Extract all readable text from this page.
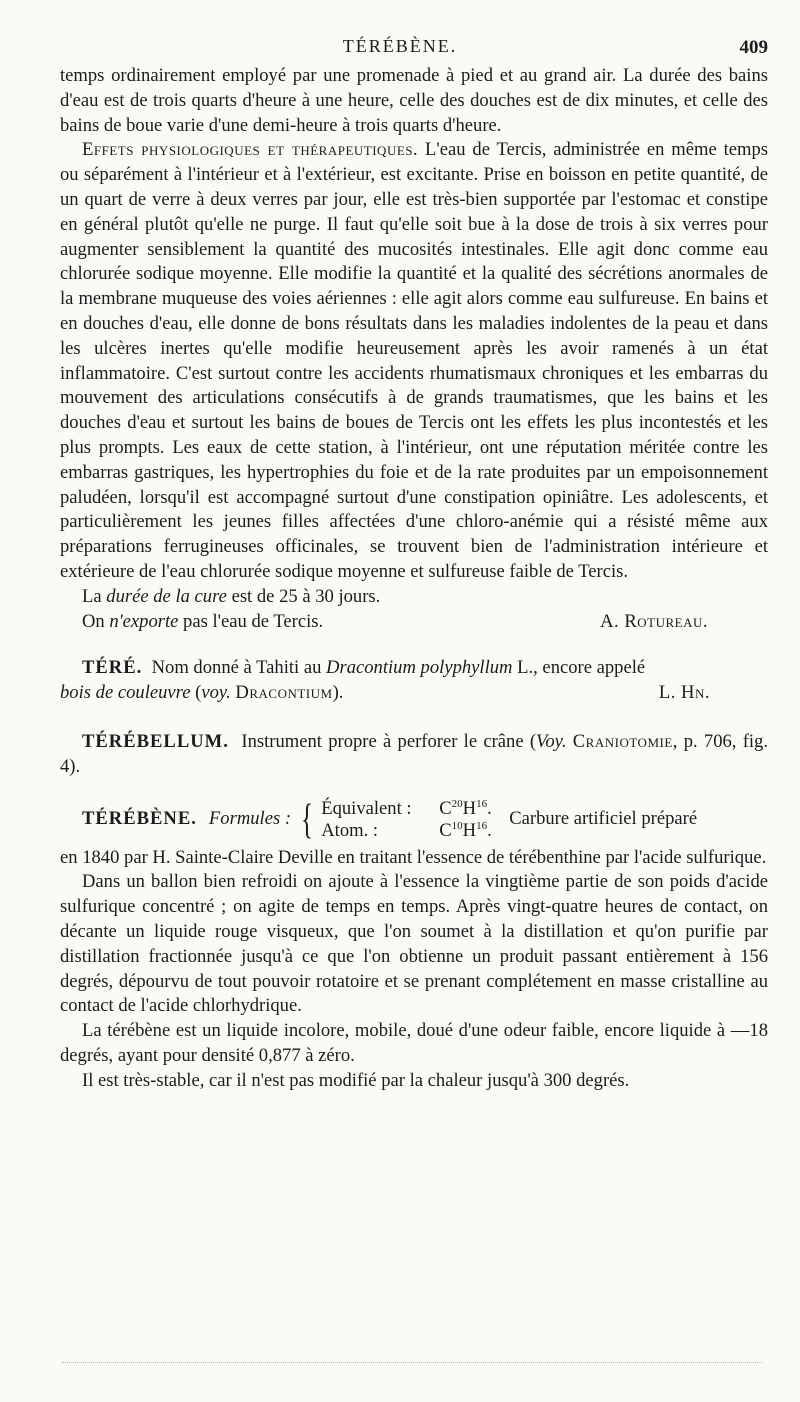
TÉRÉBÈNE.	409

temps ordinairement employé par une promenade à pied et au grand air. La durée des bains d'eau est de trois quarts d'heure à une heure, celle des douches est de dix minutes, et celle des bains de boue varie d'une demi-heure à trois quarts d'heure.

Effets physiologiques et thérapeutiques. L'eau de Tercis, administrée en même temps ou séparément à l'intérieur et à l'extérieur, est excitante. Prise en boisson en petite quantité, de un quart de verre à deux verres par jour, elle est très-bien supportée par l'estomac et constipe en général plutôt qu'elle ne purge. Il faut qu'elle soit bue à la dose de trois à six verres pour augmenter sensiblement la quantité des mucosités intestinales. Elle agit donc comme eau chlorurée sodique moyenne. Elle modifie la quantité et la qualité des sécrétions anormales de la membrane muqueuse des voies aériennes : elle agit alors comme eau sulfureuse. En bains et en douches d'eau, elle donne de bons résultats dans les maladies indolentes de la peau et dans les ulcères inertes qu'elle modifie heureusement après les avoir ramenés à un état inflammatoire. C'est surtout contre les accidents rhumatismaux chroniques et les embarras du mouvement des articulations consécutifs à de grands traumatismes, que les bains et les douches d'eau et surtout les bains de boues de Tercis ont les effets les plus incontestés et les plus prompts. Les eaux de cette station, à l'intérieur, ont une réputation méritée contre les embarras gastriques, les hypertrophies du foie et de la rate produites par un empoisonnement paludéen, lorsqu'il est accompagné surtout d'une constipation opiniâtre. Les adolescents, et particulièrement les jeunes filles affectées d'une chloro-anémie qui a résisté même aux préparations ferrugineuses officinales, se trouvent bien de l'administration intérieure et extérieure de l'eau chlorurée sodique moyenne et sulfureuse faible de Tercis.

La durée de la cure est de 25 à 30 jours.

On n'exporte pas l'eau de Tercis.	A. Rotureau.

TÉRÉ. Nom donné à Tahiti au Dracontium polyphyllum L., encore appelé

bois de couleuvre (voy. Dracontium).	L. Hn.

TÉRÉBELLUM. Instrument propre à perforer le crâne (Voy. Craniotomie, p. 706, fig. 4).

TÉRÉBÈNE. Formules : { Équivalent :	$C^{20}H^{16}$.
Atom. :	$C^{10}H^{16}$.
Carbure artificiel préparé

en 1840 par H. Sainte-Claire Deville en traitant l'essence de térébenthine par l'acide sulfurique.

Dans un ballon bien refroidi on ajoute à l'essence la vingtième partie de son poids d'acide sulfurique concentré ; on agite de temps en temps. Après vingt-quatre heures de contact, on décante un liquide rouge visqueux, que l'on soumet à la distillation et qu'on purifie par distillation fractionnée jusqu'à ce que l'on obtienne un produit passant entièrement à 156 degrés, dépourvu de tout pouvoir rotatoire et se prenant complétement en masse cristalline au contact de l'acide chlorhydrique.

La térébène est un liquide incolore, mobile, doué d'une odeur faible, encore liquide à —18 degrés, ayant pour densité 0,877 à zéro.

Il est très-stable, car il n'est pas modifié par la chaleur jusqu'à 300 degrés.
